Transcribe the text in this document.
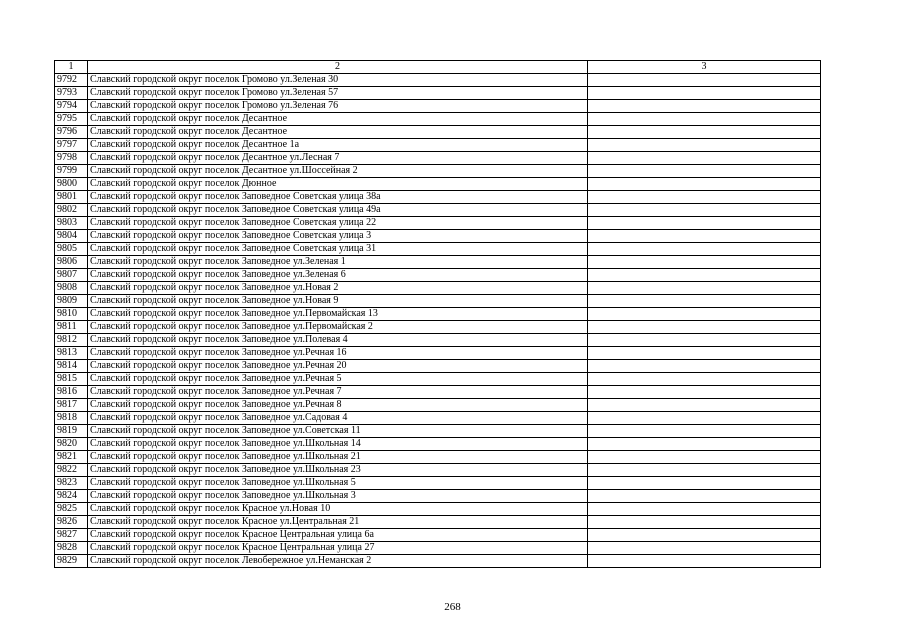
1	2	3
9792	Славский городской округ поселок Громово ул.Зеленая 30	
9793	Славский городской округ поселок Громово ул.Зеленая 57	
9794	Славский городской округ поселок Громово ул.Зеленая 76	
9795	Славский городской округ поселок Десантное	
9796	Славский городской округ поселок Десантное	
9797	Славский городской округ поселок Десантное 1а	
9798	Славский городской округ поселок Десантное ул.Лесная 7	
9799	Славский городской округ поселок Десантное ул.Шоссейная 2	
9800	Славский городской округ поселок Дюнное	
9801	Славский городской округ поселок Заповедное Советская улица 38а	
9802	Славский городской округ поселок Заповедное Советская улица 49а	
9803	Славский городской округ поселок Заповедное Советская улица 22	
9804	Славский городской округ поселок Заповедное Советская улица 3	
9805	Славский городской округ поселок Заповедное Советская улица 31	
9806	Славский городской округ поселок Заповедное ул.Зеленая 1	
9807	Славский городской округ поселок Заповедное ул.Зеленая 6	
9808	Славский городской округ поселок Заповедное ул.Новая 2	
9809	Славский городской округ поселок Заповедное ул.Новая 9	
9810	Славский городской округ поселок Заповедное ул.Первомайская 13	
9811	Славский городской округ поселок Заповедное ул.Первомайская 2	
9812	Славский городской округ поселок Заповедное ул.Полевая 4	
9813	Славский городской округ поселок Заповедное ул.Речная 16	
9814	Славский городской округ поселок Заповедное ул.Речная 20	
9815	Славский городской округ поселок Заповедное ул.Речная 5	
9816	Славский городской округ поселок Заповедное ул.Речная 7	
9817	Славский городской округ поселок Заповедное ул.Речная 8	
9818	Славский городской округ поселок Заповедное ул.Садовая 4	
9819	Славский городской округ поселок Заповедное ул.Советская 11	
9820	Славский городской округ поселок Заповедное ул.Школьная 14	
9821	Славский городской округ поселок Заповедное ул.Школьная 21	
9822	Славский городской округ поселок Заповедное ул.Школьная 23	
9823	Славский городской округ поселок Заповедное ул.Школьная 5	
9824	Славский городской округ поселок Заповедное ул.Школьная 3	
9825	Славский городской округ поселок Красное ул.Новая 10	
9826	Славский городской округ поселок Красное ул.Центральная 21	
9827	Славский городской округ поселок Красное Центральная улица 6а	
9828	Славский городской округ поселок Красное Центральная улица 27	
9829	Славский городской округ поселок Левобережное ул.Неманская 2	
268
